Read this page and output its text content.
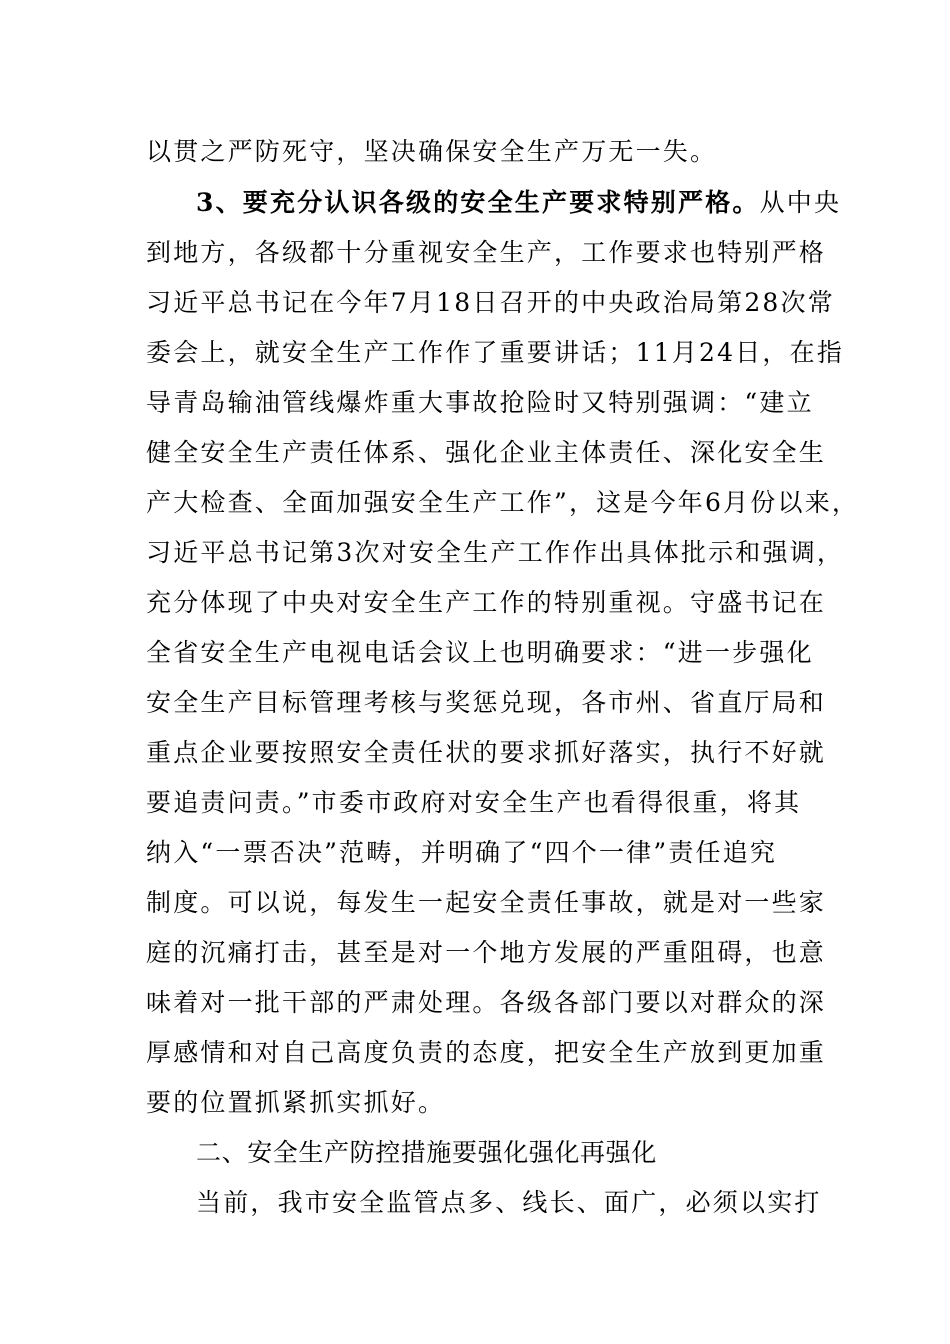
以贯之严防死守，坚决确保安全生产万无一失。
3、要充分认识各级的安全生产要求特别严格。从中央
到地方，各级都十分重视安全生产，工作要求也特别严格
习近平总书记在今年7月18日召开的中央政治局第28次常
委会上，就安全生产工作作了重要讲话；11月24日，在指
导青岛输油管线爆炸重大事故抢险时又特别强调：“建立
健全安全生产责任体系、强化企业主体责任、深化安全生
产大检查、全面加强安全生产工作”，这是今年6月份以来，
习近平总书记第3次对安全生产工作作出具体批示和强调，
充分体现了中央对安全生产工作的特别重视。守盛书记在
全省安全生产电视电话会议上也明确要求：“进一步强化
安全生产目标管理考核与奖惩兑现，各市州、省直厅局和
重点企业要按照安全责任状的要求抓好落实，执行不好就
要追责问责。”市委市政府对安全生产也看得很重，将其
纳入“一票否决”范畴，并明确了“四个一律”责任追究
制度。可以说，每发生一起安全责任事故，就是对一些家
庭的沉痛打击，甚至是对一个地方发展的严重阻碍，也意
味着对一批干部的严肃处理。各级各部门要以对群众的深
厚感情和对自己高度负责的态度，把安全生产放到更加重
要的位置抓紧抓实抓好。
二、安全生产防控措施要强化强化再强化
当前，我市安全监管点多、线长、面广，必须以实打
